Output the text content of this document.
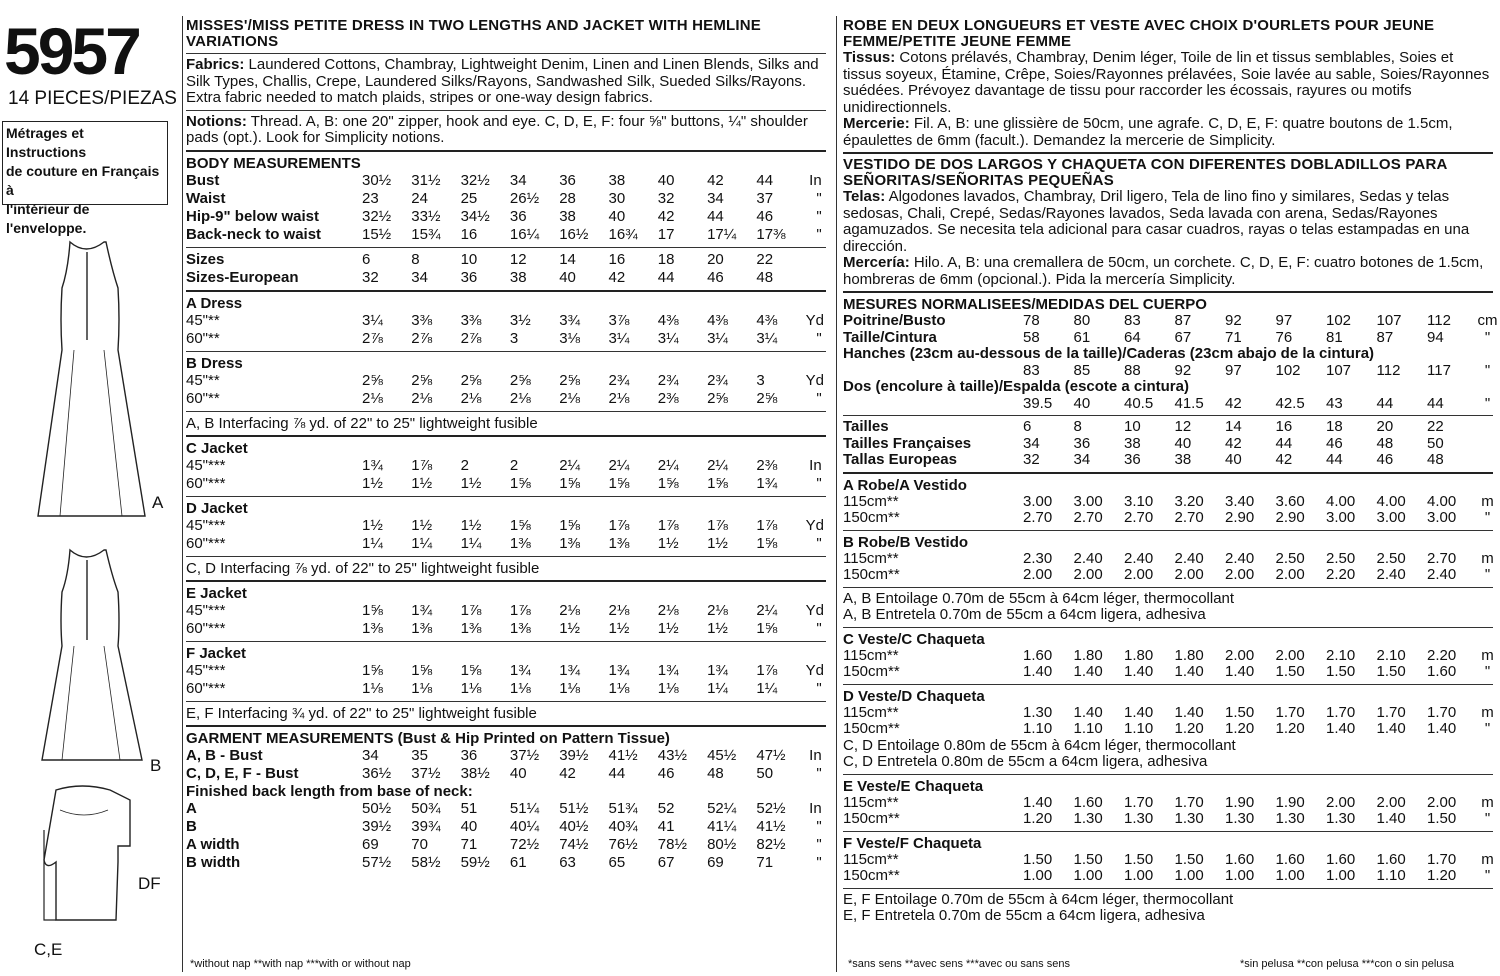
5957
14 PIECES/PIEZAS
Métrages et Instructions
de couture en Français à
l'intérieur de
l'enveloppe.
A
B
DF
C,E
MISSES'/MISS PETITE DRESS IN TWO LENGTHS AND JACKET WITH HEMLINE VARIATIONS
Fabrics: Laundered Cottons, Chambray, Lightweight Denim, Linen and Linen Blends, Silks and Silk Types, Challis, Crepe, Laundered Silks/Rayons, Sandwashed Silk, Sueded Silks/Rayons. Extra fabric needed to match plaids, stripes or one-way design fabrics.
Notions: Thread. A, B: one 20" zipper, hook and eye. C, D, E, F: four ⅝" buttons, ¼" shoulder pads (opt.). Look for Simplicity notions.
BODY MEASUREMENTS
Bust	30½	31½	32½	34	36	38	40	42	44	In
Waist	23	24	25	26½	28	30	32	34	37	"
Hip-9" below waist	32½	33½	34½	36	38	40	42	44	46	"
Back-neck to waist	15½	15¾	16	16¼	16½	16¾	17	17¼	17⅜	"
Sizes	6	8	10	12	14	16	18	20	22
Sizes-European	32	34	36	38	40	42	44	46	48
A Dress
45"**	3¼	3⅜	3⅜	3½	3¾	3⅞	4⅜	4⅜	4⅜	Yd
60"**	2⅞	2⅞	2⅞	3	3⅛	3¼	3¼	3¼	3¼	"
B Dress
45"**	2⅝	2⅝	2⅝	2⅝	2⅝	2¾	2¾	2¾	3	Yd
60"**	2⅛	2⅛	2⅛	2⅛	2⅛	2⅛	2⅜	2⅝	2⅝	"
A, B Interfacing ⅞ yd. of 22" to 25" lightweight fusible
C Jacket
45"***	1¾	1⅞	2	2	2¼	2¼	2¼	2¼	2⅜	In
60"***	1½	1½	1½	1⅝	1⅝	1⅝	1⅝	1⅝	1¾	"
D Jacket
45"***	1½	1½	1½	1⅝	1⅝	1⅞	1⅞	1⅞	1⅞	Yd
60"***	1¼	1¼	1¼	1⅜	1⅜	1⅜	1½	1½	1⅝	"
C, D Interfacing ⅞ yd. of 22" to 25" lightweight fusible
E Jacket
45"***	1⅝	1¾	1⅞	1⅞	2⅛	2⅛	2⅛	2⅛	2¼	Yd
60"***	1⅜	1⅜	1⅜	1⅜	1½	1½	1½	1½	1⅝	"
F Jacket
45"***	1⅝	1⅝	1⅝	1¾	1¾	1¾	1¾	1¾	1⅞	Yd
60"***	1⅛	1⅛	1⅛	1⅛	1⅛	1⅛	1⅛	1¼	1¼	"
E, F Interfacing ¾ yd. of 22" to 25" lightweight fusible
GARMENT MEASUREMENTS (Bust & Hip Printed on Pattern Tissue)
A, B - Bust	34	35	36	37½	39½	41½	43½	45½	47½	In
C, D, E, F - Bust	36½	37½	38½	40	42	44	46	48	50	"
Finished back length from base of neck:
A	50½	50¾	51	51¼	51½	51¾	52	52¼	52½	In
B	39½	39¾	40	40¼	40½	40¾	41	41¼	41½	"
A width	69	70	71	72½	74½	76½	78½	80½	82½	"
B width	57½	58½	59½	61	63	65	67	69	71	"
*without nap **with nap ***with or without nap
ROBE EN DEUX LONGUEURS ET VESTE AVEC CHOIX D'OURLETS POUR JEUNE FEMME/PETITE JEUNE FEMME
Tissus: Cotons prélavés, Chambray, Denim léger, Toile de lin et tissus semblables, Soies et tissus soyeux, Étamine, Crêpe, Soies/Rayonnes prélavées, Soie lavée au sable, Soies/Rayonnes suédées. Prévoyez davantage de tissu pour raccorder les écossais, rayures ou motifs unidirectionnels.
Mercerie: Fil. A, B: une glissière de 50cm, une agrafe. C, D, E, F: quatre boutons de 1.5cm, épaulettes de 6mm (facult.). Demandez la mercerie de Simplicity.
VESTIDO DE DOS LARGOS Y CHAQUETA CON DIFERENTES DOBLADILLOS PARA SEÑORITAS/SEÑORITAS PEQUEÑAS
Telas: Algodones lavados, Chambray, Dril ligero, Tela de lino fino y similares, Sedas y telas sedosas, Chali, Crepé, Sedas/Rayones lavados, Seda lavada con arena, Sedas/Rayones agamuzados. Se necesita tela adicional para casar cuadros, rayas o telas estampadas en una dirección.
Mercería: Hilo. A, B: una cremallera de 50cm, un corchete. C, D, E, F: cuatro botones de 1.5cm, hombreras de 6mm (opcional.). Pida la mercería Simplicity.
MESURES NORMALISEES/MEDIDAS DEL CUERPO
Poitrine/Busto	78	80	83	87	92	97	102	107	112	cm
Taille/Cintura	58	61	64	67	71	76	81	87	94	"
Hanches (23cm au-dessous de la taille)/Caderas (23cm abajo de la cintura)
83	85	88	92	97	102	107	112	117	"
Dos (encolure à taille)/Espalda (escote a cintura)
39.5	40	40.5	41.5	42	42.5	43	44	44	"
Tailles	6	8	10	12	14	16	18	20	22
Tailles Françaises	34	36	38	40	42	44	46	48	50
Tallas Europeas	32	34	36	38	40	42	44	46	48
A Robe/A Vestido
115cm**	3.00	3.00	3.10	3.20	3.40	3.60	4.00	4.00	4.00	m
150cm**	2.70	2.70	2.70	2.70	2.90	2.90	3.00	3.00	3.00	"
B Robe/B Vestido
115cm**	2.30	2.40	2.40	2.40	2.40	2.50	2.50	2.50	2.70	m
150cm**	2.00	2.00	2.00	2.00	2.00	2.00	2.20	2.40	2.40	"
A, B Entoilage 0.70m de 55cm à 64cm léger, thermocollant
A, B Entretela 0.70m de 55cm a 64cm ligera, adhesiva
C Veste/C Chaqueta
115cm**	1.60	1.80	1.80	1.80	2.00	2.00	2.10	2.10	2.20	m
150cm**	1.40	1.40	1.40	1.40	1.40	1.50	1.50	1.50	1.60	"
D Veste/D Chaqueta
115cm**	1.30	1.40	1.40	1.40	1.50	1.70	1.70	1.70	1.70	m
150cm**	1.10	1.10	1.10	1.20	1.20	1.20	1.40	1.40	1.40	"
C, D Entoilage 0.80m de 55cm à 64cm léger, thermocollant
C, D Entretela 0.80m de 55cm a 64cm ligera, adhesiva
E Veste/E Chaqueta
115cm**	1.40	1.60	1.70	1.70	1.90	1.90	2.00	2.00	2.00	m
150cm**	1.20	1.30	1.30	1.30	1.30	1.30	1.30	1.40	1.50	"
F Veste/F Chaqueta
115cm**	1.50	1.50	1.50	1.50	1.60	1.60	1.60	1.60	1.70	m
150cm**	1.00	1.00	1.00	1.00	1.00	1.00	1.00	1.10	1.20	"
E, F Entoilage 0.70m de 55cm à 64cm léger, thermocollant
E, F Entretela 0.70m de 55cm a 64cm ligera, adhesiva
*sans sens **avec sens ***avec ou sans sens	*sin pelusa **con pelusa ***con o sin pelusa
